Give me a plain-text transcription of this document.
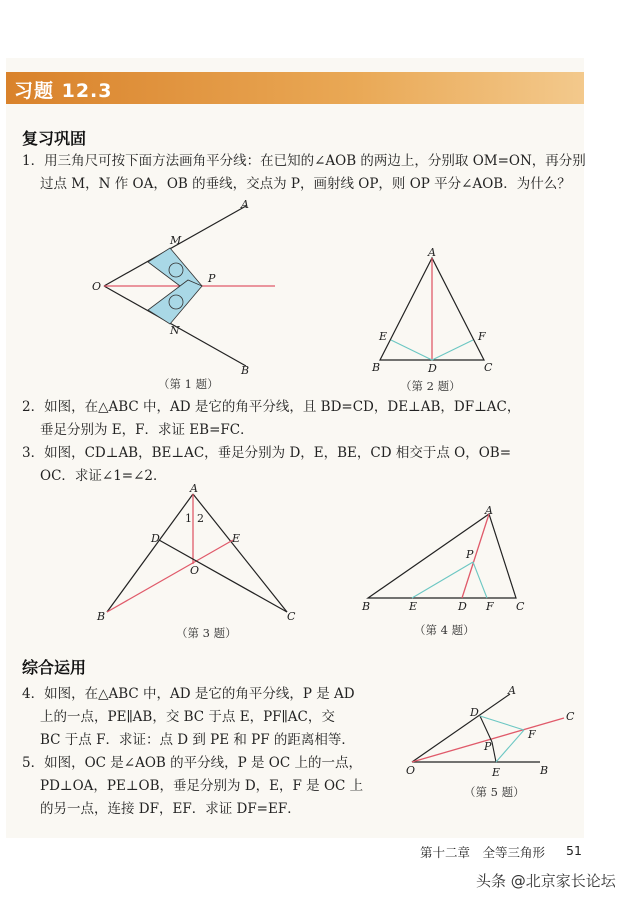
习题 12.3
复习巩固
1．用三角尺可按下面方法画角平分线：在已知的∠AOB 的两边上，分别取 OM=ON，再分别
过点 M，N 作 OA，OB 的垂线，交点为 P，画射线 OP，则 OP 平分∠AOB．为什么？
A
B
O
M
N
P
（第 1 题）
A
B	C
D
E	F
（第 2 题）
2．如图，在△ABC 中，AD 是它的角平分线，且 BD=CD，DE⊥AB，DF⊥AC，
垂足分别为 E，F．求证 EB=FC．
3．如图，CD⊥AB，BE⊥AC，垂足分别为 D，E，BE，CD 相交于点 O，OB=
OC．求证∠1=∠2．
A
B	C
D	E
O
1 2
（第 3 题）
A
B	C
D
E	F
P
（第 4 题）
综合运用
4．如图，在△ABC 中，AD 是它的角平分线，P 是 AD
上的一点，PE∥AB，交 BC 于点 E，PF∥AC，交
BC 于点 F．求证：点 D 到 PE 和 PF 的距离相等．
5．如图，OC 是∠AOB 的平分线，P 是 OC 上的一点，
PD⊥OA，PE⊥OB，垂足分别为 D，E，F 是 OC 上
的另一点，连接 DF，EF．求证 DF=EF．
A
B
C
D
E
F
O
P
（第 5 题）
第十二章　全等三角形 51
头条 @北京家长论坛
